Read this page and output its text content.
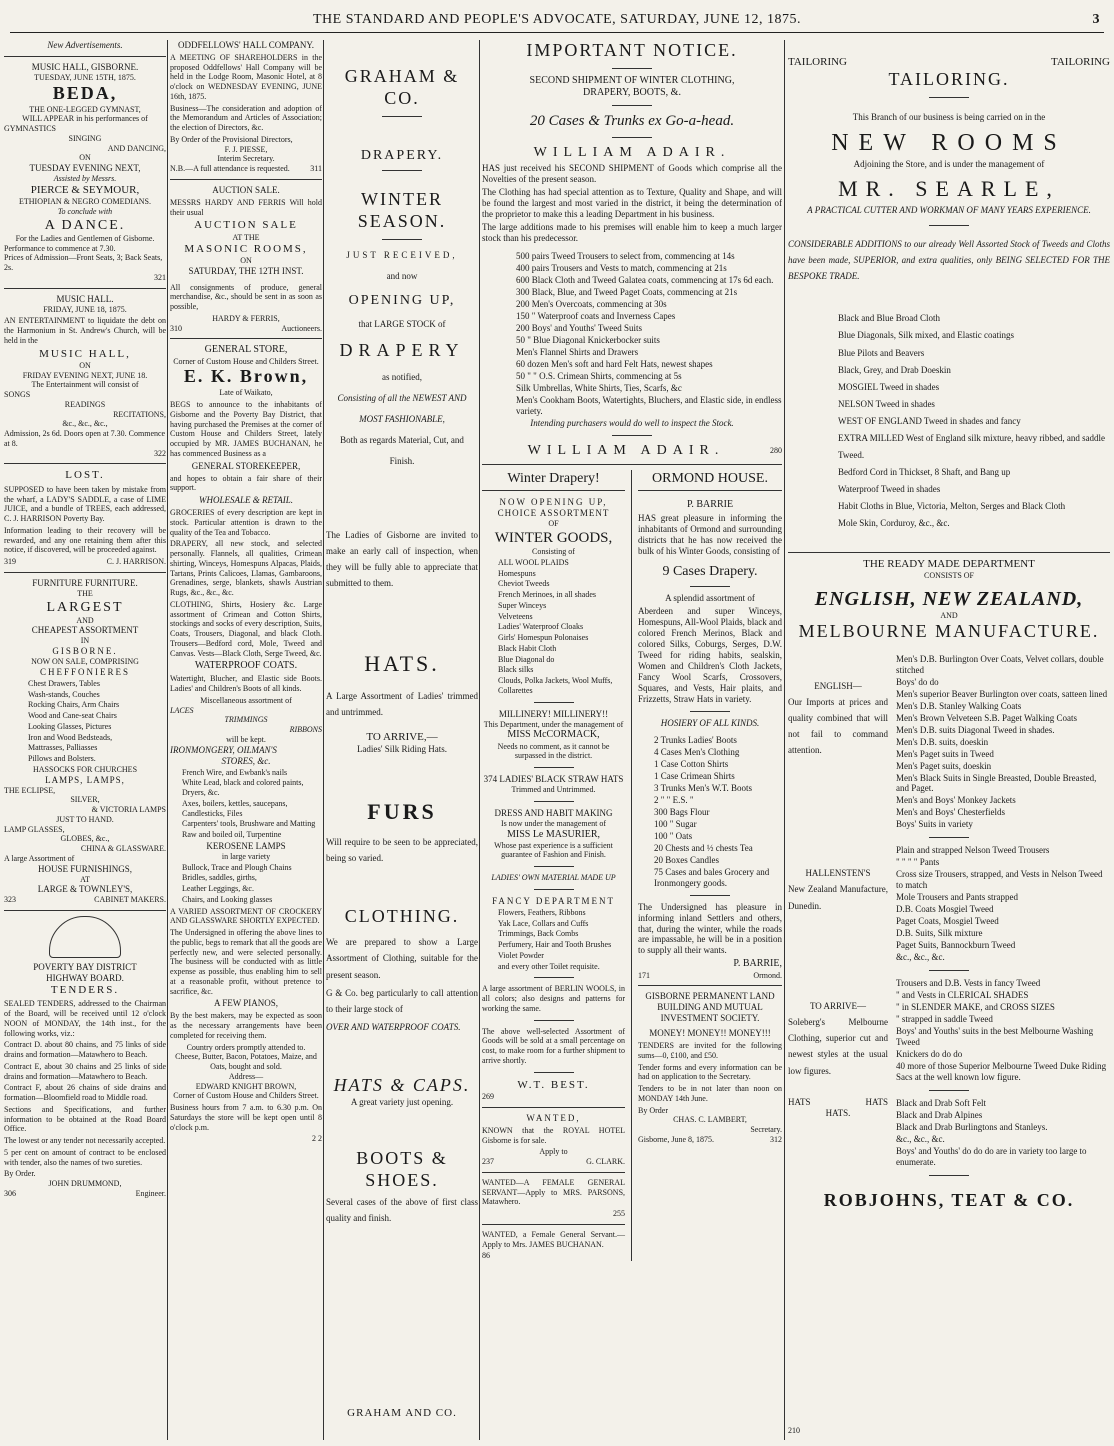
THE STANDARD AND PEOPLE'S ADVOCATE, SATURDAY, JUNE 12, 1875.	3
New Advertisements.
MUSIC HALL, GISBORNE.
TUESDAY, JUNE 15TH, 1875.
BEDA,
THE ONE-LEGGED GYMNAST,
WILL APPEAR in his performances of
GYMNASTICS
SINGING
AND DANCING,
ON
TUESDAY EVENING NEXT,
Assisted by Messrs.
PIERCE & SEYMOUR,
ETHIOPIAN & NEGRO COMEDIANS.
To conclude with
A DANCE.
For the Ladies and Gentlemen of Gisborne.
Performance to commence at 7.30.
Prices of Admission—Front Seats, 3; Back Seats, 2s.
321
MUSIC HALL.
FRIDAY, JUNE 18, 1875.
AN ENTERTAINMENT to liquidate the debt on the Harmonium in St. Andrew's Church, will be held in the
MUSIC HALL,
ON
FRIDAY EVENING NEXT, JUNE 18.
The Entertainment will consist of
SONGS
READINGS
RECITATIONS,
&c., &c., &c.,
Admission, 2s 6d. Doors open at 7.30. Commence at 8.
322
LOST.
SUPPOSED to have been taken by mistake from the wharf, a LADY'S SADDLE, a case of LIME JUICE, and a bundle of TREES, each addressed, C. J. HARRISON Poverty Bay.
Information leading to their recovery will be rewarded, and any one retaining them after this notice, if discovered, will be proceeded against.
319	C. J. HARRISON.
FURNITURE FURNITURE.
THE
LARGEST
AND
CHEAPEST ASSORTMENT
IN
GISBORNE.
NOW ON SALE, COMPRISING
CHEFFONIERES
Chest Drawers, Tables
Wash-stands, Couches
Rocking Chairs, Arm Chairs
Wood and Cane-seat Chairs
Looking Glasses, Pictures
Iron and Wood Bedsteads,
Mattrasses, Palliasses
Pillows and Bolsters.
HASSOCKS FOR CHURCHES
LAMPS, LAMPS,
THE ECLIPSE,
SILVER,
& VICTORIA LAMPS
JUST TO HAND.
LAMP GLASSES,
GLOBES, &c.,
CHINA & GLASSWARE.
A large Assortment of
HOUSE FURNISHINGS,
AT
LARGE & TOWNLEY'S,
323	CABINET MAKERS.
POVERTY BAY DISTRICT
HIGHWAY BOARD.
TENDERS.
SEALED TENDERS, addressed to the Chairman of the Board, will be received until 12 o'clock NOON of MONDAY, the 14th inst., for the following works, viz.:
Contract D. about 80 chains, and 75 links of side drains and formation—Matawhero to Beach.
Contract E, about 30 chains and 25 links of side drains and formation—Matawhero to Beach.
Contract F, about 26 chains of side drains and formation—Bloomfield road to Middle road.
Sections and Specifications, and further information to be obtained at the Road Board Office.
The lowest or any tender not necessarily accepted.
5 per cent on amount of contract to be enclosed with tender, also the names of two sureties.
By Order.
JOHN DRUMMOND,
306	Engineer.
ODDFELLOWS' HALL COMPANY.
A MEETING OF SHAREHOLDERS in the proposed Oddfellows' Hall Company will be held in the Lodge Room, Masonic Hotel, at 8 o'clock on WEDNESDAY EVENING, JUNE 16th, 1875.
Business—The consideration and adoption of the Memorandum and Articles of Association; the election of Directors, &c.
By Order of the Provisional Directors,
F. J. PIESSE,
Interim Secretary.
N.B.—A full attendance is requested.	311
AUCTION SALE.
MESSRS HARDY AND FERRIS Will hold their usual
AUCTION SALE
AT THE
MASONIC ROOMS,
ON
SATURDAY, THE 12TH INST.
All consignments of produce, general merchandise, &c., should be sent in as soon as possible,
HARDY & FERRIS,
310	Auctioneers.
GENERAL STORE,
Corner of Custom House and Childers Street.
E. K. Brown,
Late of Waikato,
BEGS to announce to the inhabitants of Gisborne and the Poverty Bay District, that having purchased the Premises at the corner of Custom House and Childers Street, lately occupied by MR. JAMES BUCHANAN, he has commenced Business as a
GENERAL STOREKEEPER,
and hopes to obtain a fair share of their support.
WHOLESALE & RETAIL.
GROCERIES of every description are kept in stock. Particular attention is drawn to the quality of the Tea and Tobacco.
DRAPERY, all new stock, and selected personally. Flannels, all qualities, Crimean shirting, Winceys, Homespuns Alpacas, Plaids, Tartans, Prints Calicoes, Llamas, Gambaroons, Grenadines, serge, blankets, shawls Austrian Rugs, &c., &c., &c.
CLOTHING, Shirts, Hosiery &c. Large assortment of Crimean and Cotton Shirts, stockings and socks of every description, Suits, Coats, Trousers, Diagonal, and black Cloth. Trousers—Bedford cord, Mole, Tweed and Canvas. Vests—Black Cloth, Serge Tweed, &c.
WATERPROOF COATS.
Watertight, Blucher, and Elastic side Boots. Ladies' and Children's Boots of all kinds.
Miscellaneous assortment of
LACES
TRIMMINGS
RIBBONS
will be kept.
IRONMONGERY, OILMAN'S
STORES, &c.
French Wire, and Ewbank's nails
White Lead, black and colored paints, Dryers, &c.
Axes, boilers, kettles, saucepans, Candlesticks, Files
Carpenters' tools, Brushware and Matting
Raw and boiled oil, Turpentine
KEROSENE LAMPS
in large variety
Bullock, Trace and Plough Chains
Bridles, saddles, girths,
Leather Leggings, &c.
Chairs, and Looking glasses
A VARIED ASSORTMENT OF CROCKERY AND GLASSWARE SHORTLY EXPECTED.
The Undersigned in offering the above lines to the public, begs to remark that all the goods are perfectly new, and were selected personally. The business will be conducted with as little expense as possible, thus enabling him to sell at a reasonable profit, without pretence to sacrifice, &c.
A FEW PIANOS,
By the best makers, may be expected as soon as the necessary arrangements have been completed for receiving them.
Country orders promptly attended to.
Cheese, Butter, Bacon, Potatoes, Maize, and Oats, bought and sold.
Address—
EDWARD KNIGHT BROWN,
Corner of Custom House and Childers Street.
Business hours from 7 a.m. to 6.30 p.m. On Saturdays the store will be kept open until 8 o'clock p.m.
2 2
GRAHAM & CO.
DRAPERY.
WINTER SEASON.
JUST RECEIVED,
and now
OPENING UP,
that LARGE STOCK of
DRAPERY
as notified,
Consisting of all the NEWEST AND
MOST FASHIONABLE,
Both as regards Material, Cut, and
Finish.
The Ladies of Gisborne are invited to make an early call of inspection, when they will be fully able to appreciate that submitted to them.
HATS.
A Large Assortment of Ladies' trimmed and untrimmed.
TO ARRIVE,—
Ladies' Silk Riding Hats.
FURS
Will require to be seen to be appreciated, being so varied.
CLOTHING.
We are prepared to show a Large Assortment of Clothing, suitable for the present season.
G & Co. beg particularly to call attention to their large stock of
OVER AND WATERPROOF COATS.
HATS & CAPS.
A great variety just opening.
BOOTS & SHOES.
Several cases of the above of first class quality and finish.
GRAHAM AND CO.
IMPORTANT NOTICE.
SECOND SHIPMENT OF WINTER CLOTHING,
DRAPERY, BOOTS, &.
20 Cases & Trunks ex Go-a-head.
WILLIAM ADAIR.
HAS just received his SECOND SHIPMENT of Goods which comprise all the Novelties of the present season.
The Clothing has had special attention as to Texture, Quality and Shape, and will be found the largest and most varied in the district, it being the determination of the proprietor to make this a leading Department in his business.
The large additions made to his premises will enable him to keep a much larger stock than his predecessor.
500 pairs Tweed Trousers to select from, commencing at 14s
400 pairs Trousers and Vests to match, commencing at 21s
600 Black Cloth and Tweed Galatea coats, commencing at 17s 6d each.
300 Black, Blue, and Tweed Paget Coats, commencing at 21s
200 Men's Overcoats, commencing at 30s
150 " Waterproof coats and Inverness Capes
200 Boys' and Youths' Tweed Suits
50 " Blue Diagonal Knickerbocker suits
Men's Flannel Shirts and Drawers
60 dozen Men's soft and hard Felt Hats, newest shapes
50 " " O.S. Crimean Shirts, commencing at 5s
Silk Umbrellas, White Shirts, Ties, Scarfs, &c
Men's Cookham Boots, Watertights, Bluchers, and Elastic side, in endless variety.
Intending purchasers would do well to inspect the Stock.
WILLIAM ADAIR.	280
Winter Drapery!
NOW OPENING UP,
CHOICE ASSORTMENT
OF
WINTER GOODS,
Consisting of
ALL WOOL PLAIDS
Homespuns
Cheviot Tweeds
French Merinoes, in all shades
Super Winceys
Velveteens
Ladies' Waterproof Cloaks
Girls' Homespun Polonaises
Black Habit Cloth
Blue Diagonal do
Black silks
Clouds, Polka Jackets, Wool Muffs, Collarettes
MILLINERY! MILLINERY!!
This Department, under the management of
MISS McCORMACK,
Needs no comment, as it cannot be surpassed in the district.
374 LADIES' BLACK STRAW HATS
Trimmed and Untrimmed.
DRESS AND HABIT MAKING
Is now under the management of
MISS Le MASURIER,
Whose past experience is a sufficient guarantee of Fashion and Finish.
LADIES' OWN MATERIAL MADE UP
FANCY DEPARTMENT
Flowers, Feathers, Ribbons
Yak Lace, Collars and Cuffs
Trimmings, Back Combs
Perfumery, Hair and Tooth Brushes
Violet Powder
and every other Toilet requisite.
A large assortment of BERLIN WOOLS, in all colors; also designs and patterns for working the same.
The above well-selected Assortment of Goods will be sold at a small percentage on cost, to make room for a further shipment to arrive shortly.
W.T. BEST.
269
WANTED,
KNOWN that the ROYAL HOTEL Gisborne is for sale.
Apply to
237	G. CLARK.
WANTED—A FEMALE GENERAL SERVANT—Apply to MRS. PARSONS, Matawhero.
255
WANTED, a Female General Servant.—Apply to Mrs. JAMES BUCHANAN.
86
ORMOND HOUSE.
P. BARRIE
HAS great pleasure in informing the inhabitants of Ormond and surrounding districts that he has now received the bulk of his Winter Goods, consisting of
9 Cases Drapery.
A splendid assortment of
Aberdeen and super Winceys, Homespuns, All-Wool Plaids, black and colored French Merinos, Black and colored Silks, Coburgs, Serges, D.W. Tweed for riding habits, sealskin, Women and Children's Cloth Jackets, Fancy Wool Scarfs, Crossovers, Squares, and Vests, Hair plaits, and Frizzetts, Straw Hats in variety.
HOSIERY OF ALL KINDS.
2 Trunks Ladies' Boots
4 Cases Men's Clothing
1 Case Cotton Shirts
1 Case Crimean Shirts
3 Trunks Men's W.T. Boots
2 " " E.S. "
300 Bags Flour
100 " Sugar
100 " Oats
20 Chests and ½ chests Tea
20 Boxes Candles
75 Cases and bales Grocery and Ironmongery goods.
The Undersigned has pleasure in informing inland Settlers and others, that, during the winter, while the roads are impassable, he will be in a position to supply all their wants.
P. BARRIE,
171	Ormond.
GISBORNE PERMANENT LAND BUILDING AND MUTUAL INVESTMENT SOCIETY.
MONEY! MONEY!! MONEY!!!
TENDERS are invited for the following sums—0, £100, and £50.
Tender forms and every information can be had on application to the Secretary.
Tenders to be in not later than noon on MONDAY 14th June.
By Order
CHAS. C. LAMBERT,
Secretary.
Gisborne, June 8, 1875.	312
TAILORING	TAILORING
TAILORING.
This Branch of our business is being carried on in the
NEW ROOMS
Adjoining the Store, and is under the management of
MR. SEARLE,
A PRACTICAL CUTTER AND WORKMAN OF MANY YEARS EXPERIENCE.
CONSIDERABLE ADDITIONS to our already Well Assorted Stock of Tweeds and Cloths have been made, SUPERIOR, and extra qualities, only BEING SELECTED FOR THE BESPOKE TRADE.
Black and Blue Broad Cloth
Blue Diagonals, Silk mixed, and Elastic coatings
Blue Pilots and Beavers
Black, Grey, and Drab Doeskin
MOSGIEL Tweed in shades
NELSON Tweed in shades
WEST OF ENGLAND Tweed in shades and fancy
EXTRA MILLED West of England silk mixture, heavy ribbed, and saddle Tweed.
Bedford Cord in Thickset, 8 Shaft, and Bang up
Waterproof Tweed in shades
Habit Cloths in Blue, Victoria, Melton, Serges and Black Cloth
Mole Skin, Corduroy, &c., &c.
THE READY MADE DEPARTMENT
CONSISTS OF
ENGLISH, NEW ZEALAND,
AND
MELBOURNE MANUFACTURE.
ENGLISH—
Our Imports at prices and quality combined that will not fail to command attention.
Men's D.B. Burlington Over Coats, Velvet collars, double stitched
Boys' do do
Men's superior Beaver Burlington over coats, satteen lined
Men's D.B. Stanley Walking Coats
Men's Brown Velveteen S.B. Paget Walking Coats
Men's D.B. suits Diagonal Tweed in shades.
Men's D.B. suits, doeskin
Men's Paget suits in Tweed
Men's Paget suits, doeskin
Men's Black Suits in Single Breasted, Double Breasted, and Paget.
Men's and Boys' Monkey Jackets
Men's and Boys' Chesterfields
Boys' Suits in variety
HALLENSTEN'S
New Zealand Manufacture, Dunedin.
Plain and strapped Nelson Tweed Trousers
" " " " Pants
Cross size Trousers, strapped, and Vests in Nelson Tweed to match
Mole Trousers and Pants strapped
D.B. Coats Mosgiel Tweed
Paget Coats, Mosgiel Tweed
D.B. Suits, Silk mixture
Paget Suits, Bannockburn Tweed
&c., &c., &c.
TO ARRIVE—
Soleberg's Melbourne Clothing, superior cut and newest styles at the usual low figures.
Trousers and D.B. Vests in fancy Tweed
" and Vests in CLERICAL SHADES
" in SLENDER MAKE, and CROSS SIZES
" strapped in saddle Tweed
Boys' and Youths' suits in the best Melbourne Washing Tweed
Knickers do do do
40 more of those Superior Melbourne Tweed Duke Riding Sacs at the well known low figure.
HATS	HATS
HATS.
Black and Drab Soft Felt
Black and Drab Alpines
Black and Drab Burlingtons and Stanleys.
&c., &c., &c.
Boys' and Youths' do do do are in variety too large to enumerate.
ROBJOHNS, TEAT & CO.
210
